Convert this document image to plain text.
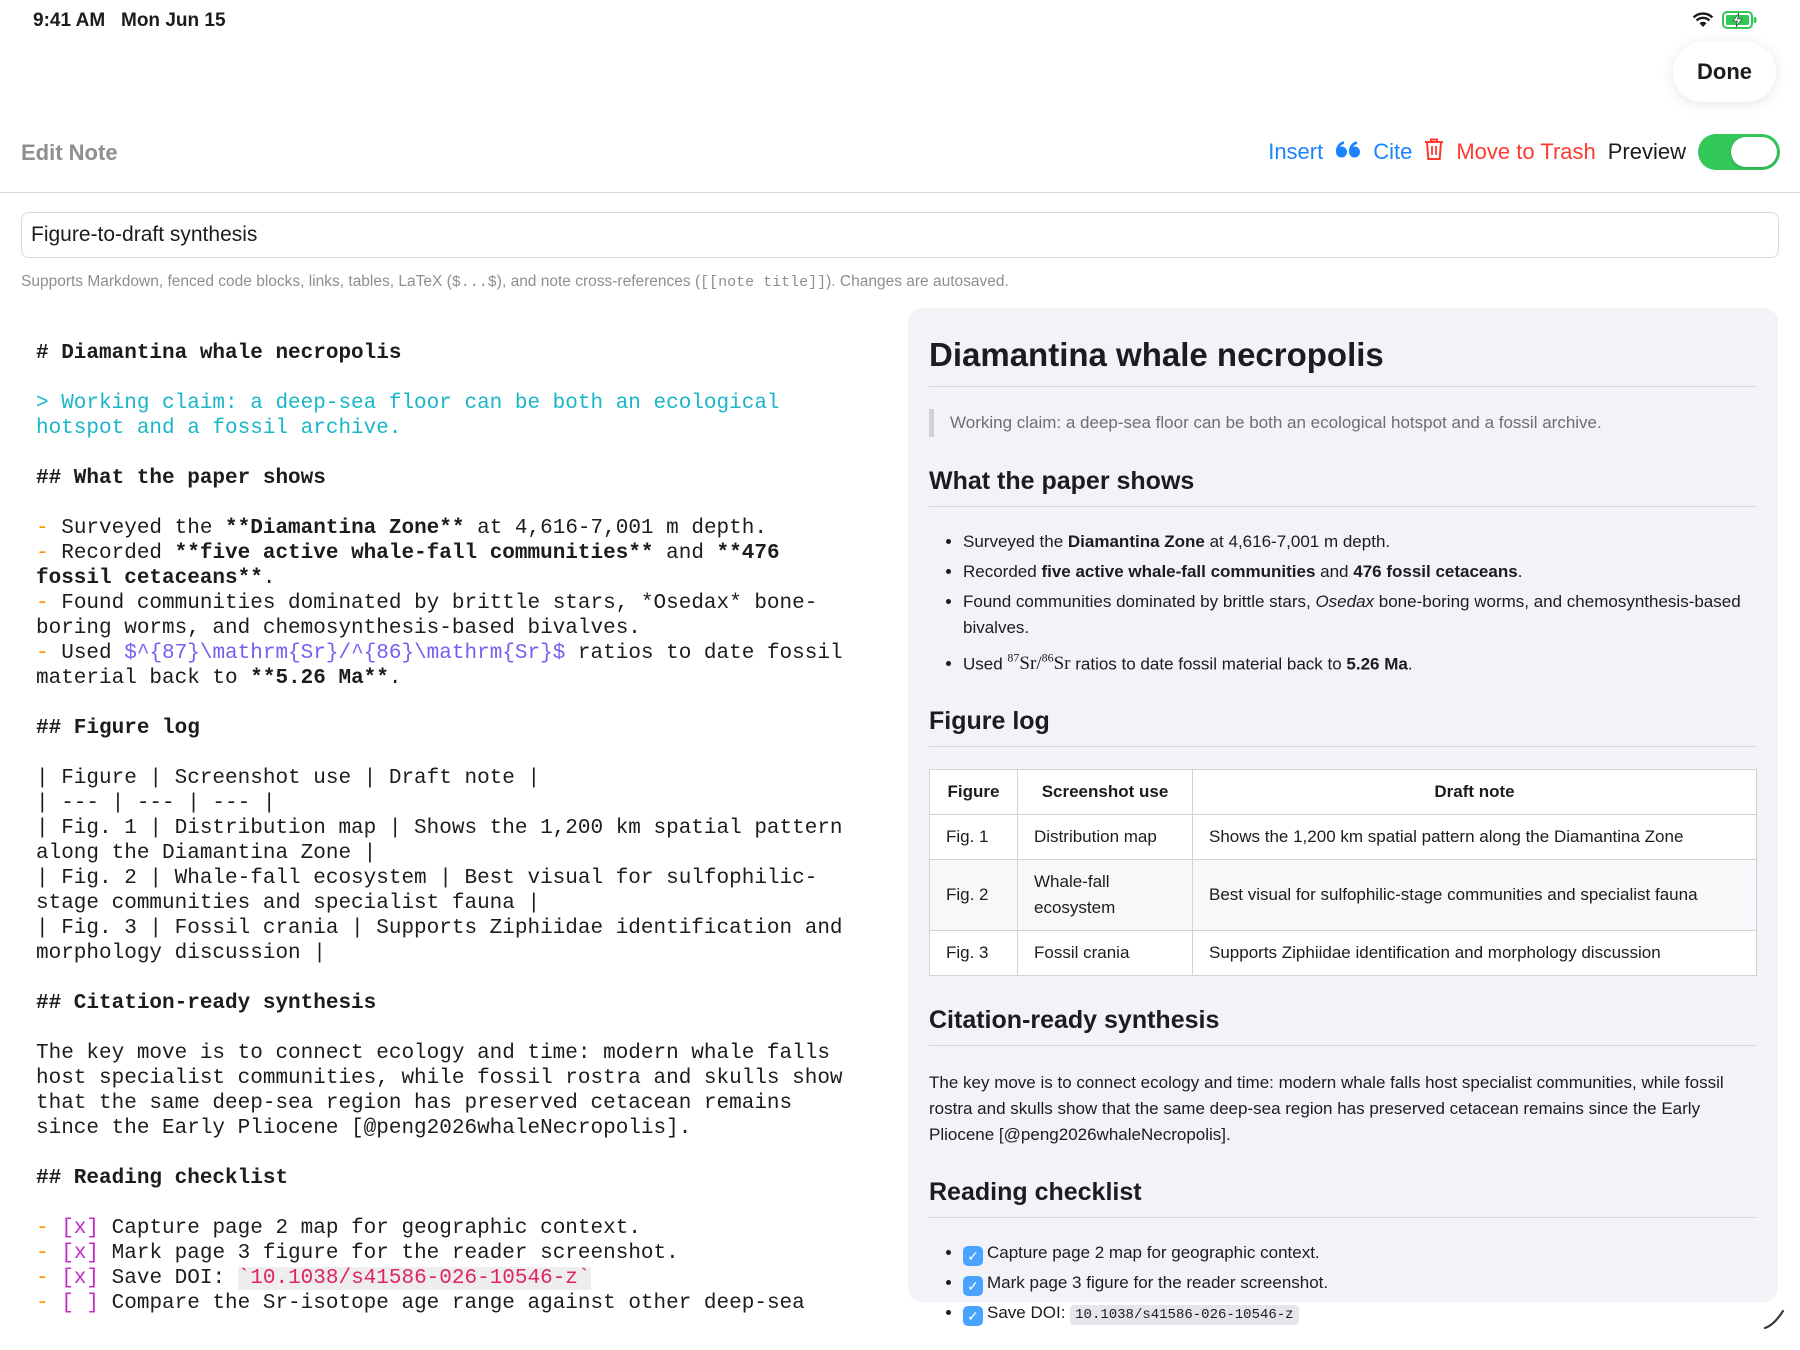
9:41 AM Mon Jun 15
Done
Edit Note	Insert Cite Move to Trash Preview
Figure-to-draft synthesis
Supports Markdown, fenced code blocks, links, tables, LaTeX ($...$), and note cross-references ([[note title]]). Changes are autosaved.

# Diamantina whale necropolis
> Working claim: a deep-sea floor can be both an ecological
hotspot and a fossil archive.
## What the paper shows
- Surveyed the **Diamantina Zone** at 4,616-7,001 m depth.
- Recorded **five active whale-fall communities** and **476
fossil cetaceans**.
- Found communities dominated by brittle stars, *Osedax* bone-
boring worms, and chemosynthesis-based bivalves.
- Used $^{87}\mathrm{Sr}/^{86}\mathrm{Sr}$ ratios to date fossil
material back to **5.26 Ma**.
## Figure log
| Figure | Screenshot use | Draft note |
| --- | --- | --- |
| Fig. 1 | Distribution map | Shows the 1,200 km spatial pattern
along the Diamantina Zone |
| Fig. 2 | Whale-fall ecosystem | Best visual for sulfophilic-
stage communities and specialist fauna |
| Fig. 3 | Fossil crania | Supports Ziphiidae identification and
morphology discussion |
## Citation-ready synthesis
The key move is to connect ecology and time: modern whale falls
host specialist communities, while fossil rostra and skulls show
that the same deep-sea region has preserved cetacean remains
since the Early Pliocene [@peng2026whaleNecropolis].
## Reading checklist
- [x] Capture page 2 map for geographic context.
- [x] Mark page 3 figure for the reader screenshot.
- [x] Save DOI: `10.1038/s41586-026-10546-z`
- [ ] Compare the Sr-isotope age range against other deep-sea
Diamantina whale necropolis
Working claim: a deep-sea floor can be both an ecological hotspot and a fossil archive.
What the paper shows
• Surveyed the Diamantina Zone at 4,616-7,001 m depth.
• Recorded five active whale-fall communities and 476 fossil cetaceans.
• Found communities dominated by brittle stars, Osedax bone-boring worms, and chemosynthesis-based bivalves.
• Used $^{87}$Sr/$^{86}$Sr ratios to date fossil material back to 5.26 Ma.
Figure log
Figure	Screenshot use	Draft note
Fig. 1	Distribution map	Shows the 1,200 km spatial pattern along the Diamantina Zone
Fig. 2	Whale-fall ecosystem	Best visual for sulfophilic-stage communities and specialist fauna
Fig. 3	Fossil crania	Supports Ziphiidae identification and morphology discussion
Citation-ready synthesis

The key move is to connect ecology and time: modern whale falls host specialist communities, while fossil rostra and skulls show that the same deep-sea region has preserved cetacean remains since the Early Pliocene [@peng2026whaleNecropolis].

Reading checklist
• ✓ Capture page 2 map for geographic context.
• ✓ Mark page 3 figure for the reader screenshot.
• ✓ Save DOI: 10.1038/s41586-026-10546-z
